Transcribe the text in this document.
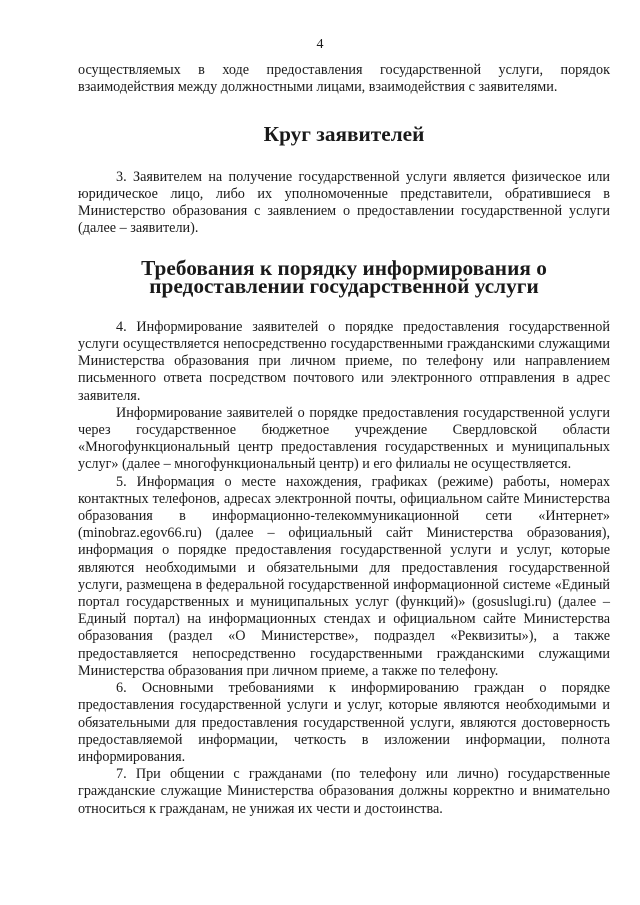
4

осуществляемых в ходе предоставления государственной услуги, порядок взаимодействия между должностными лицами, взаимодействия с заявителями.

Круг заявителей

3. Заявителем на получение государственной услуги является физическое или юридическое лицо, либо их уполномоченные представители, обратившиеся в Министерство образования с заявлением о предоставлении государственной услуги (далее – заявители).

Требования к порядку информирования о предоставлении государственной услуги

4. Информирование заявителей о порядке предоставления государственной услуги осуществляется непосредственно государственными гражданскими служащими Министерства образования при личном приеме, по телефону или направлением письменного ответа посредством почтового или электронного отправления в адрес заявителя.

Информирование заявителей о порядке предоставления государственной услуги через государственное бюджетное учреждение Свердловской области «Многофункциональный центр предоставления государственных и муниципальных услуг» (далее – многофункциональный центр) и его филиалы не осуществляется.

5. Информация о месте нахождения, графиках (режиме) работы, номерах контактных телефонов, адресах электронной почты, официальном сайте Министерства образования в информационно-телекоммуникационной сети «Интернет» (minobraz.egov66.ru) (далее – официальный сайт Министерства образования), информация о порядке предоставления государственной услуги и услуг, которые являются необходимыми и обязательными для предоставления государственной услуги, размещена в федеральной государственной информационной системе «Единый портал государственных и муниципальных услуг (функций)» (gosuslugi.ru) (далее – Единый портал) на информационных стендах и официальном сайте Министерства образования (раздел «О Министерстве», подраздел «Реквизиты»), а также предоставляется непосредственно государственными гражданскими служащими Министерства образования при личном приеме, а также по телефону.

6. Основными требованиями к информированию граждан о порядке предоставления государственной услуги и услуг, которые являются необходимыми и обязательными для предоставления государственной услуги, являются достоверность предоставляемой информации, четкость в изложении информации, полнота информирования.

7. При общении с гражданами (по телефону или лично) государственные гражданские служащие Министерства образования должны корректно и внимательно относиться к гражданам, не унижая их чести и достоинства.
